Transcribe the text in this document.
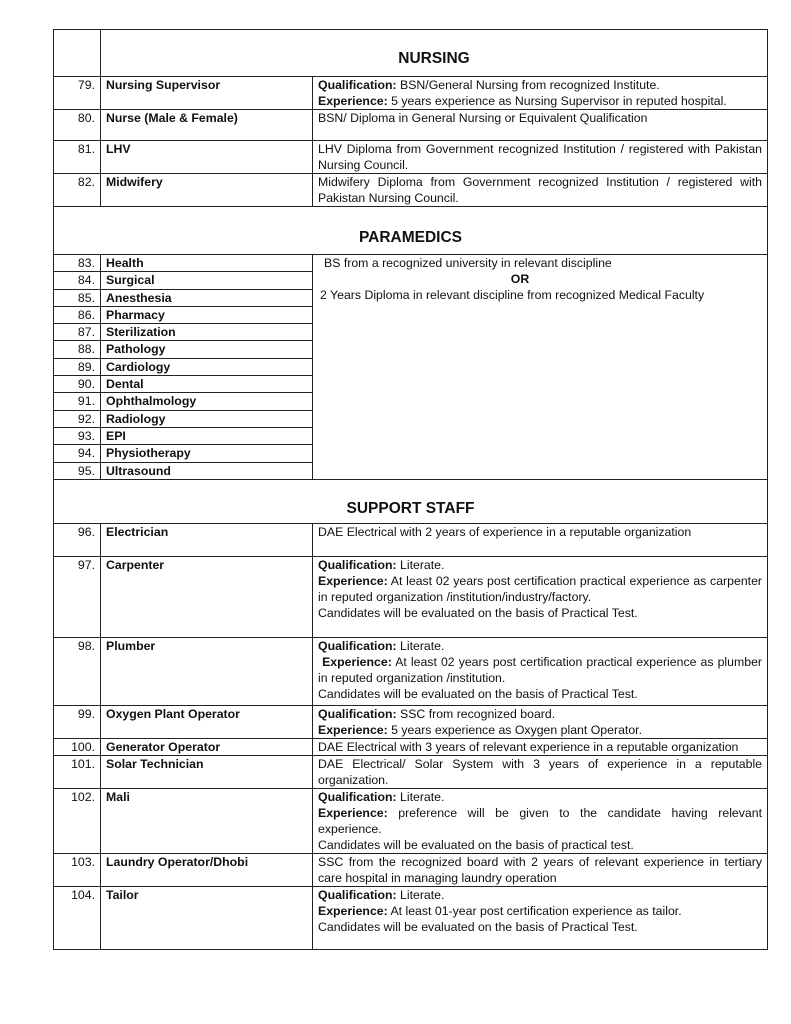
	NURSING	
79.	Nursing Supervisor	Qualification: BSN/General Nursing from recognized Institute.
Experience: 5 years experience as Nursing Supervisor in reputed hospital.
80.	Nurse (Male & Female)	BSN/ Diploma in General Nursing or Equivalent Qualification
81.	LHV	LHV Diploma from Government recognized Institution / registered with Pakistan Nursing Council.
82.	Midwifery	Midwifery Diploma from Government recognized Institution / registered with Pakistan Nursing Council.
PARAMEDICS		
83.	Health	BS from a recognized university in relevant discipline
OR
2 Years Diploma in relevant discipline from recognized Medical Faculty

84.	Surgical	
85.	Anesthesia	
86.	Pharmacy	
87.	Sterilization	
88.	Pathology	
89.	Cardiology	
90.	Dental	
91.	Ophthalmology	
92.	Radiology	
93.	EPI	
94.	Physiotherapy	
95.	Ultrasound	
SUPPORT STAFF		
96.	Electrician	DAE Electrical with 2 years of experience in a reputable organization
97.	Carpenter	Qualification: Literate.
Experience: At least 02 years post certification practical experience as carpenter in reputed organization /institution/industry/factory.
Candidates will be evaluated on the basis of Practical Test.
98.	Plumber	Qualification: Literate.
Experience: At least 02 years post certification practical experience as plumber in reputed organization /institution.
Candidates will be evaluated on the basis of Practical Test.
99.	Oxygen Plant Operator	Qualification: SSC from recognized board.
Experience: 5 years experience as Oxygen plant Operator.
100.	Generator Operator	DAE Electrical with 3 years of relevant experience in a reputable organization
101.	Solar Technician	DAE Electrical/ Solar System with 3 years of experience in a reputable organization.
102.	Mali	Qualification: Literate.
Experience: preference will be given to the candidate having relevant experience.
Candidates will be evaluated on the basis of practical test.
103.	Laundry Operator/Dhobi	SSC from the recognized board with 2 years of relevant experience in tertiary care hospital in managing laundry operation
104.	Tailor	Qualification: Literate.
Experience: At least 01-year post certification experience as tailor.
Candidates will be evaluated on the basis of Practical Test.
